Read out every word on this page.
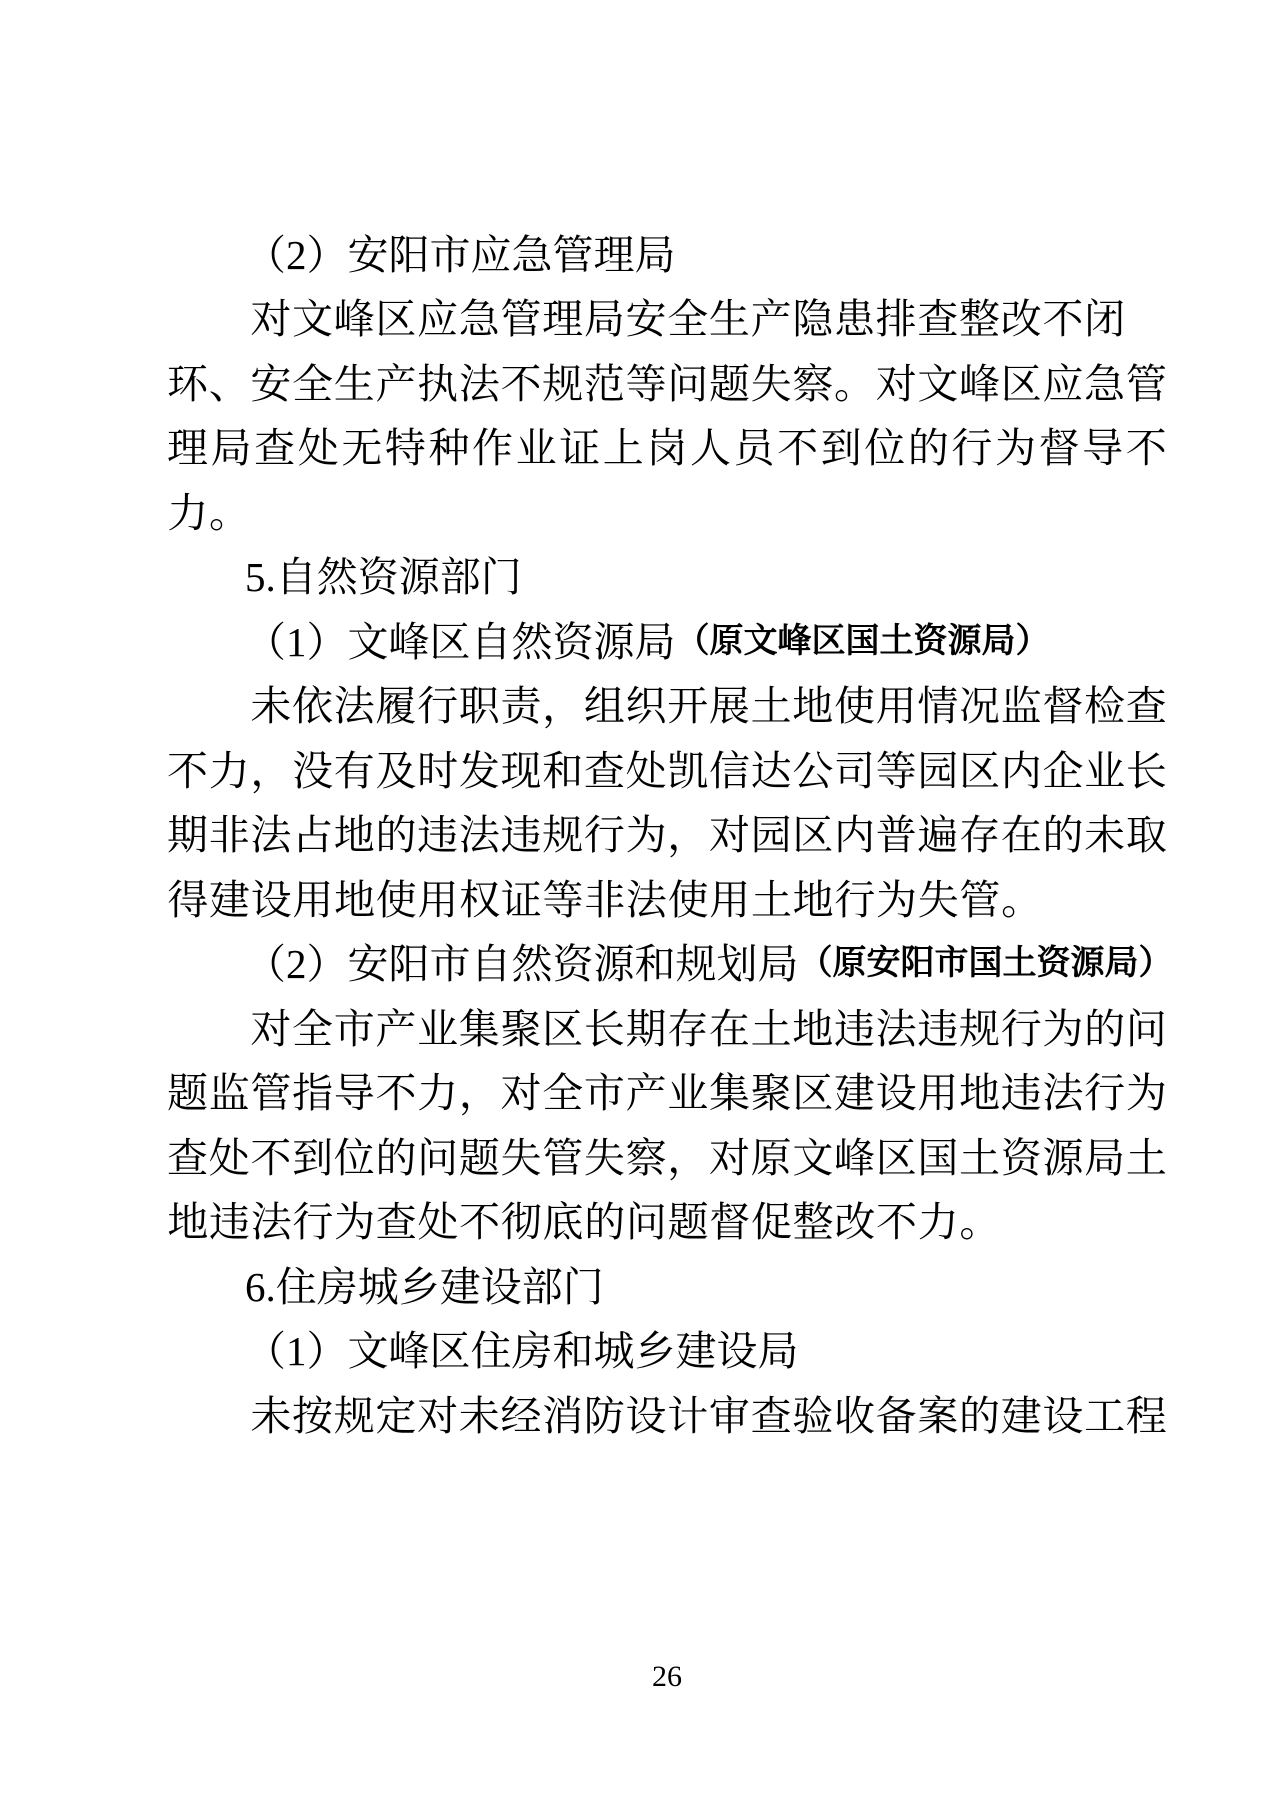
（2）安阳市应急管理局
对 文 峰 区 应 急 管 理 局 安 全 生 产 隐 患 排 查 整 改 不 闭
环 、 安 全 生 产 执 法 不 规 范 等 问 题 失 察 。 对 文 峰 区 应 急 管
理 局 查 处 无 特 种 作 业 证 上 岗 人 员 不 到 位 的 行 为 督 导 不
力 。
5.自然资源部门
（1）文峰区自然资源局 （原文峰区国土资源局）
未 依 法 履 行 职 责 ， 组 织 开 展 土 地 使 用 情 况 监 督 检 查
不 力 ， 没 有 及 时 发 现 和 查 处 凯 信 达 公 司 等 园 区 内 企 业 长
期 非 法 占 地 的 违 法 违 规 行 为 ， 对 园 区 内 普 遍 存 在 的 未 取
得 建 设 用 地 使 用 权 证 等 非 法 使 用 土 地 行 为 失 管 。
（2）安阳市自然资源和规划局 （原安阳市国土资源局）
对 全 市 产 业 集 聚 区 长 期 存 在 土 地 违 法 违 规 行 为 的 问
题 监 管 指 导 不 力 ， 对 全 市 产 业 集 聚 区 建 设 用 地 违 法 行 为
查 处 不 到 位 的 问 题 失 管 失 察 ， 对 原 文 峰 区 国 土 资 源 局 土
地 违 法 行 为 查 处 不 彻 底 的 问 题 督 促 整 改 不 力 。
6.住房城乡建设部门
（1）文峰区住房和城乡建设局
未 按 规 定 对 未 经 消 防 设 计 审 查 验 收 备 案 的 建 设 工 程
26
